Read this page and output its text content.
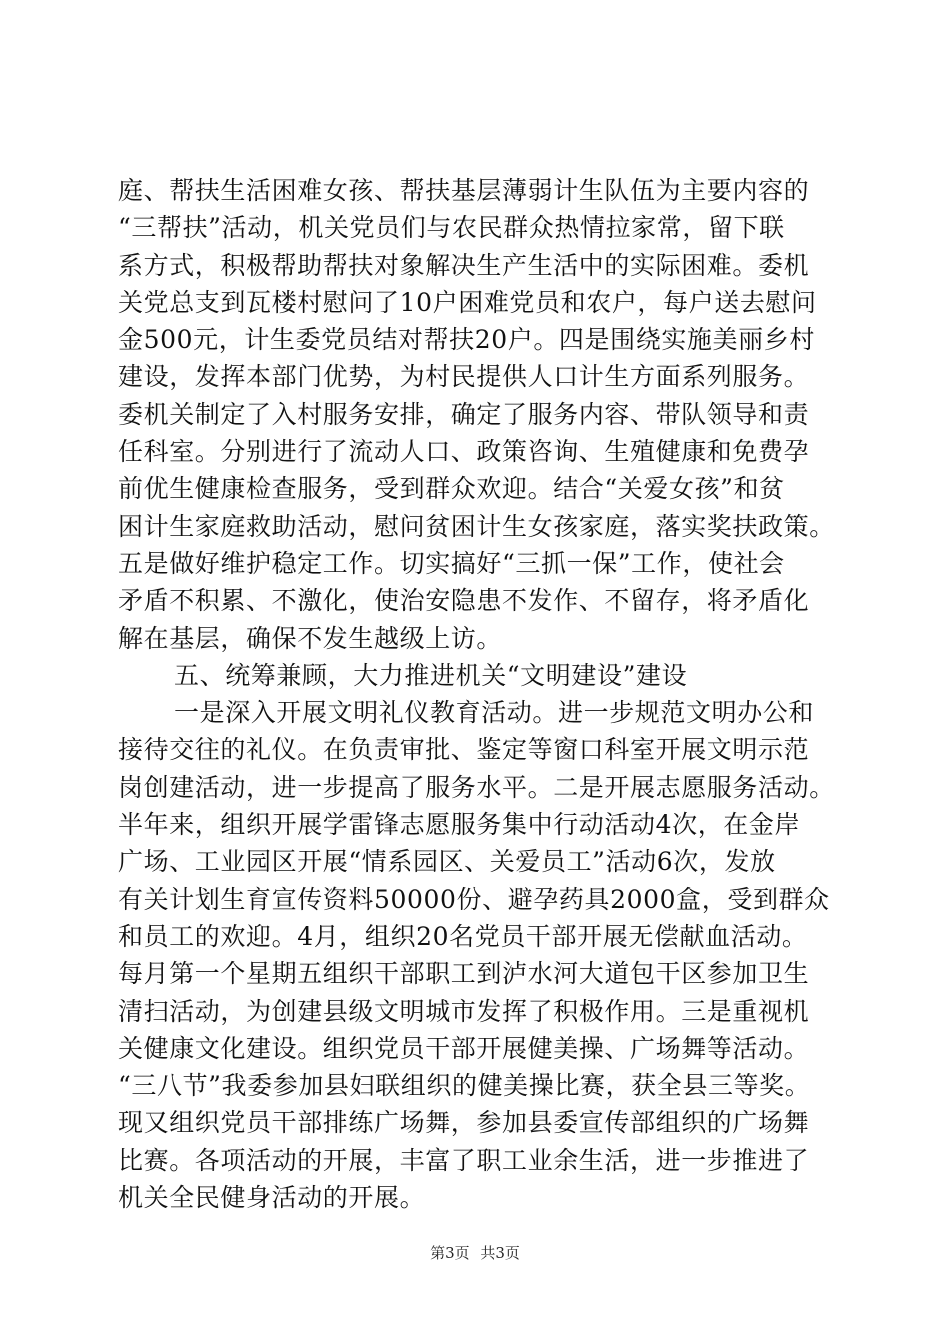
庭、帮扶生活困难女孩、帮扶基层薄弱计生队伍为主要内容的
“三帮扶”活动，机关党员们与农民群众热情拉家常，留下联
系方式，积极帮助帮扶对象解决生产生活中的实际困难。委机
关党总支到瓦楼村慰问了10户困难党员和农户，每户送去慰问
金500元，计生委党员结对帮扶20户。四是围绕实施美丽乡村
建设，发挥本部门优势，为村民提供人口计生方面系列服务。
委机关制定了入村服务安排，确定了服务内容、带队领导和责
任科室。分别进行了流动人口、政策咨询、生殖健康和免费孕
前优生健康检查服务，受到群众欢迎。结合“关爱女孩”和贫
困计生家庭救助活动，慰问贫困计生女孩家庭，落实奖扶政策。
五是做好维护稳定工作。切实搞好“三抓一保”工作，使社会
矛盾不积累、不激化，使治安隐患不发作、不留存，将矛盾化
解在基层，确保不发生越级上访。
五、统筹兼顾，大力推进机关“文明建设”建设
一是深入开展文明礼仪教育活动。进一步规范文明办公和
接待交往的礼仪。在负责审批、鉴定等窗口科室开展文明示范
岗创建活动，进一步提高了服务水平。二是开展志愿服务活动。
半年来，组织开展学雷锋志愿服务集中行动活动4次，在金岸
广场、工业园区开展“情系园区、关爱员工”活动6次，发放
有关计划生育宣传资料50000份、避孕药具2000盒，受到群众
和员工的欢迎。4月，组织20名党员干部开展无偿献血活动。
每月第一个星期五组织干部职工到泸水河大道包干区参加卫生
清扫活动，为创建县级文明城市发挥了积极作用。三是重视机
关健康文化建设。组织党员干部开展健美操、广场舞等活动。
“三八节”我委参加县妇联组织的健美操比赛，获全县三等奖。
现又组织党员干部排练广场舞，参加县委宣传部组织的广场舞
比赛。各项活动的开展，丰富了职工业余生活，进一步推进了
机关全民健身活动的开展。
第3页 共3页
